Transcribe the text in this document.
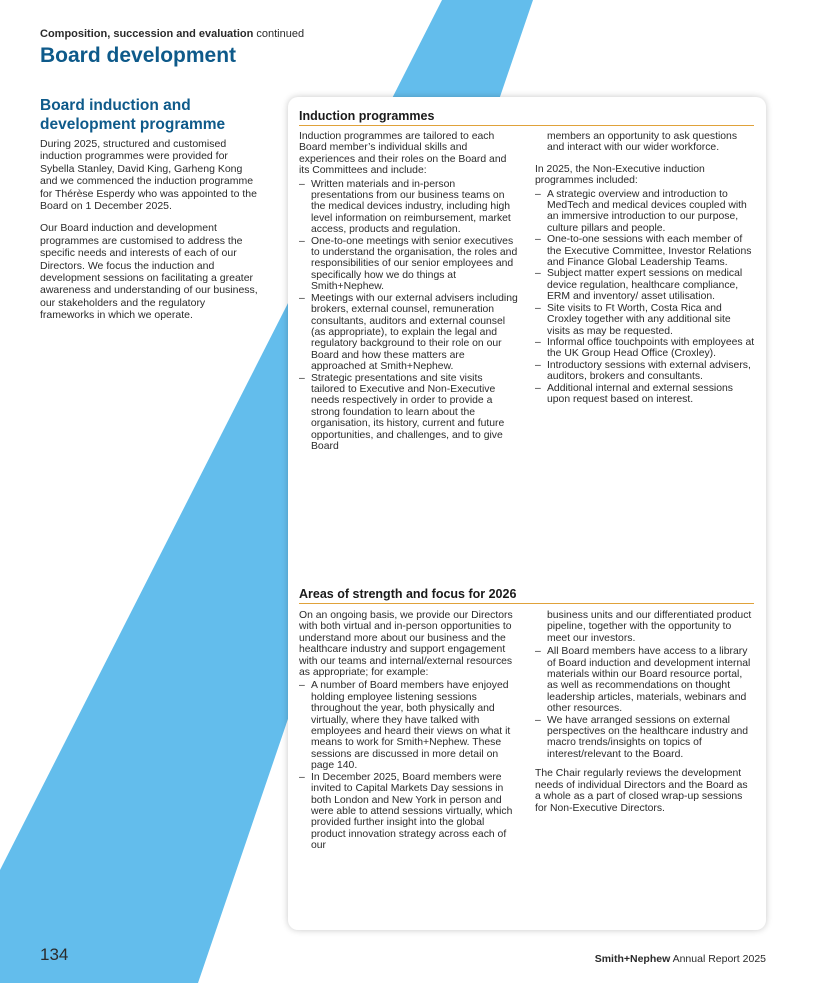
Composition, succession and evaluation continued
Board development
Board induction and development programme

During 2025, structured and customised induction programmes were provided for Sybella Stanley, David King, Garheng Kong and we commenced the induction programme for Thérèse Esperdy who was appointed to the Board on 1 December 2025.

Our Board induction and development programmes are customised to address the specific needs and interests of each of our Directors. We focus the induction and development sessions on facilitating a greater awareness and understanding of our business, our stakeholders and the regulatory frameworks in which we operate.

Induction programmes

Induction programmes are tailored to each Board member’s individual skills and experiences and their roles on the Board and its Committees and include:

– Written materials and in-person presentations from our business teams on the medical devices industry, including high level information on reimbursement, market access, products and regulation.
– One-to-one meetings with senior executives to understand the organisation, the roles and responsibilities of our senior employees and specifically how we do things at Smith+Nephew.
– Meetings with our external advisers including brokers, external counsel, remuneration consultants, auditors and external counsel (as appropriate), to explain the legal and regulatory background to their role on our Board and how these matters are approached at Smith+Nephew.
– Strategic presentations and site visits tailored to Executive and Non-Executive needs respectively in order to provide a strong foundation to learn about the organisation, its history, current and future opportunities, and challenges, and to give Board

members an opportunity to ask questions and interact with our wider workforce.

In 2025, the Non-Executive induction programmes included:

– A strategic overview and introduction to MedTech and medical devices coupled with an immersive introduction to our purpose, culture pillars and people.
– One-to-one sessions with each member of the Executive Committee, Investor Relations and Finance Global Leadership Teams.
– Subject matter expert sessions on medical device regulation, healthcare compliance, ERM and inventory/ asset utilisation.
– Site visits to Ft Worth, Costa Rica and Croxley together with any additional site visits as may be requested.
– Informal office touchpoints with employees at the UK Group Head Office (Croxley).
– Introductory sessions with external advisers, auditors, brokers and consultants.
– Additional internal and external sessions upon request based on interest.
Areas of strength and focus for 2026

On an ongoing basis, we provide our Directors with both virtual and in-person opportunities to understand more about our business and the healthcare industry and support engagement with our teams and internal/external resources as appropriate; for example:

– A number of Board members have enjoyed holding employee listening sessions throughout the year, both physically and virtually, where they have talked with employees and heard their views on what it means to work for Smith+Nephew. These sessions are discussed in more detail on page 140.
– In December 2025, Board members were invited to Capital Markets Day sessions in both London and New York in person and were able to attend sessions virtually, which provided further insight into the global product innovation strategy across each of our

business units and our differentiated product pipeline, together with the opportunity to meet our investors.

– All Board members have access to a library of Board induction and development internal materials within our Board resource portal, as well as recommendations on thought leadership articles, materials, webinars and other resources.
– We have arranged sessions on external perspectives on the healthcare industry and macro trends/insights on topics of interest/relevant to the Board.

The Chair regularly reviews the development needs of individual Directors and the Board as a whole as a part of closed wrap-up sessions for Non-Executive Directors.

134	Smith+Nephew Annual Report 2025
